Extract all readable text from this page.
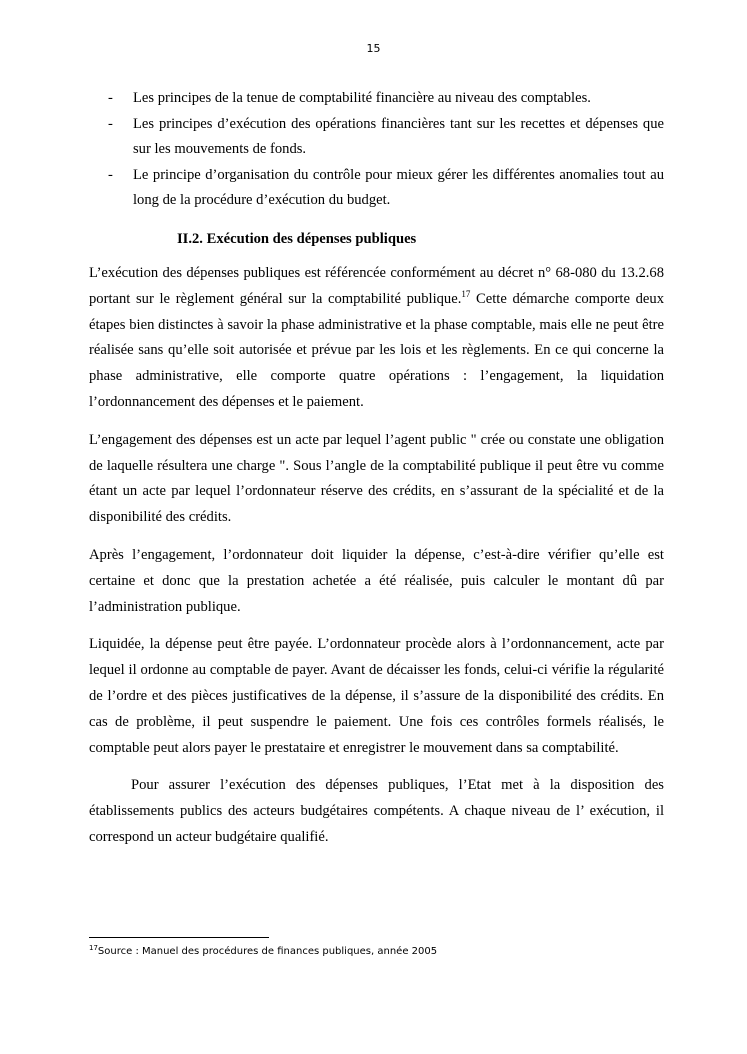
15
- Les principes de la tenue de comptabilité financière au niveau des comptables.
- Les principes d’exécution des opérations financières tant sur les recettes et dépenses que sur les mouvements de fonds.
- Le principe d’organisation du contrôle pour mieux gérer les différentes anomalies tout au long de la procédure d’exécution du budget.
II.2. Exécution des dépenses publiques

L’exécution des dépenses publiques est référencée conformément au décret n° 68-080 du 13.2.68 portant sur le règlement général sur la comptabilité publique.$^{17}$ Cette démarche comporte deux étapes bien distinctes à savoir la phase administrative et la phase comptable, mais elle ne peut être réalisée sans qu’elle soit autorisée et prévue par les lois et les règlements. En ce qui concerne la phase administrative, elle comporte quatre opérations : l’engagement, la liquidation l’ordonnancement des dépenses et le paiement.

L’engagement des dépenses est un acte par lequel l’agent public " crée ou constate une obligation de laquelle résultera une charge ". Sous l’angle de la comptabilité publique il peut être vu comme étant un acte par lequel l’ordonnateur réserve des crédits, en s’assurant de la spécialité et de la disponibilité des crédits.

Après l’engagement, l’ordonnateur doit liquider la dépense, c’est-à-dire vérifier qu’elle est certaine et donc que la prestation achetée a été réalisée, puis calculer le montant dû par l’administration publique.

Liquidée, la dépense peut être payée. L’ordonnateur procède alors à l’ordonnancement, acte par lequel il ordonne au comptable de payer. Avant de décaisser les fonds, celui-ci vérifie la régularité de l’ordre et des pièces justificatives de la dépense, il s’assure de la disponibilité des crédits. En cas de problème, il peut suspendre le paiement. Une fois ces contrôles formels réalisés, le comptable peut alors payer le prestataire et enregistrer le mouvement dans sa comptabilité.

Pour assurer l’exécution des dépenses publiques, l’Etat met à la disposition des établissements publics des acteurs budgétaires compétents. A chaque niveau de l’ exécution, il correspond un acteur budgétaire qualifié.

$^{17}$Source : Manuel des procédures de finances publiques, année 2005
